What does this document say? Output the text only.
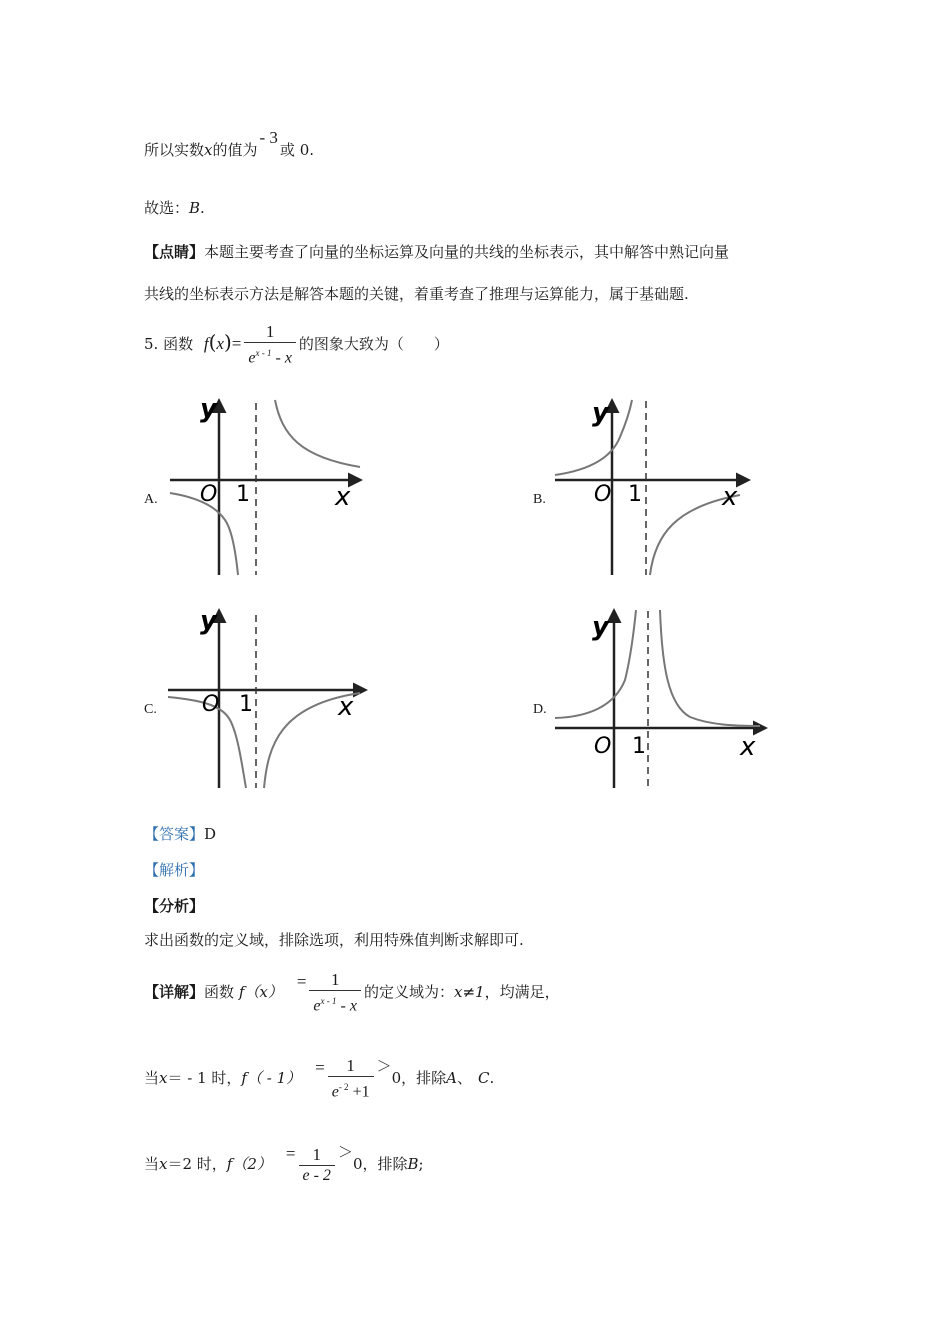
所以实数x的值为- 3或 0.
故选：B.
【点睛】本题主要考查了向量的坐标运算及向量的共线的坐标表示，其中解答中熟记向量
共线的坐标表示方法是解答本题的关键，着重考查了推理与运算能力，属于基础题.
5. 函数 $f(x)= \frac{1}{e^{x - 1} - x}$ 的图象大致为（　　）
A.	B.
C.	D.
y
x
O 1
y
x
O 1
y
x
O 1
y
x
O 1
【答案】D
【解析】
【分析】
求出函数的定义域，排除选项，利用特殊值判断求解即可.
【详解】函数 $f(x)= \frac{1}{e^{x - 1} - x}$ 的定义域为：x≠1，均满足，
当x＝ - 1 时，$f( - 1)= \frac{1}{e^{- 2} +1} >0$，排除A、 C.
当x＝2 时，$f(2)= \frac{1}{e - 2} >0$，排除B;
